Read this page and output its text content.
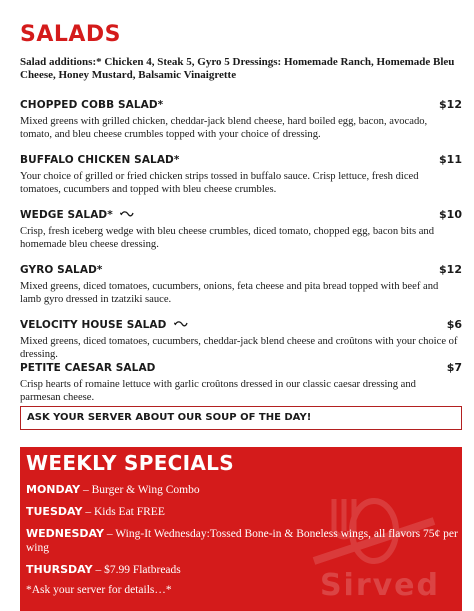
SALADS
Salad additions:* Chicken 4, Steak 5, Gyro 5 Dressings: Homemade Ranch, Homemade Bleu Cheese, Honey Mustard, Balsamic Vinaigrette
CHOPPED COBB SALAD*	$12
Mixed greens with grilled chicken, cheddar-jack blend cheese, hard boiled egg, bacon, avocado, tomato, and bleu cheese crumbles topped with your choice of dressing.
BUFFALO CHICKEN SALAD*	$11
Your choice of grilled or fried chicken strips tossed in buffalo sauce. Crisp lettuce, fresh diced tomatoes, cucumbers and topped with bleu cheese crumbles.
WEDGE SALAD*	$10
Crisp, fresh iceberg wedge with bleu cheese crumbles, diced tomato, chopped egg, bacon bits and homemade bleu cheese dressing.
GYRO SALAD*	$12
Mixed greens, diced tomatoes, cucumbers, onions, feta cheese and pita bread topped with beef and lamb gyro dressed in tzatziki sauce.
VELOCITY HOUSE SALAD	$6
Mixed greens, diced tomatoes, cucumbers, cheddar-jack blend cheese and croûtons with your choice of dressing.
PETITE CAESAR SALAD	$7
Crisp hearts of romaine lettuce with garlic croûtons dressed in our classic caesar dressing and parmesan cheese.
ASK YOUR SERVER ABOUT OUR SOUP OF THE DAY!
Sirved
WEEKLY SPECIALS
MONDAY – Burger & Wing Combo
TUESDAY – Kids Eat FREE
WEDNESDAY – Wing-It Wednesday:Tossed Bone-in & Boneless wings, all flavors 75¢ per wing
THURSDAY – $7.99 Flatbreads
*Ask your server for details…*
